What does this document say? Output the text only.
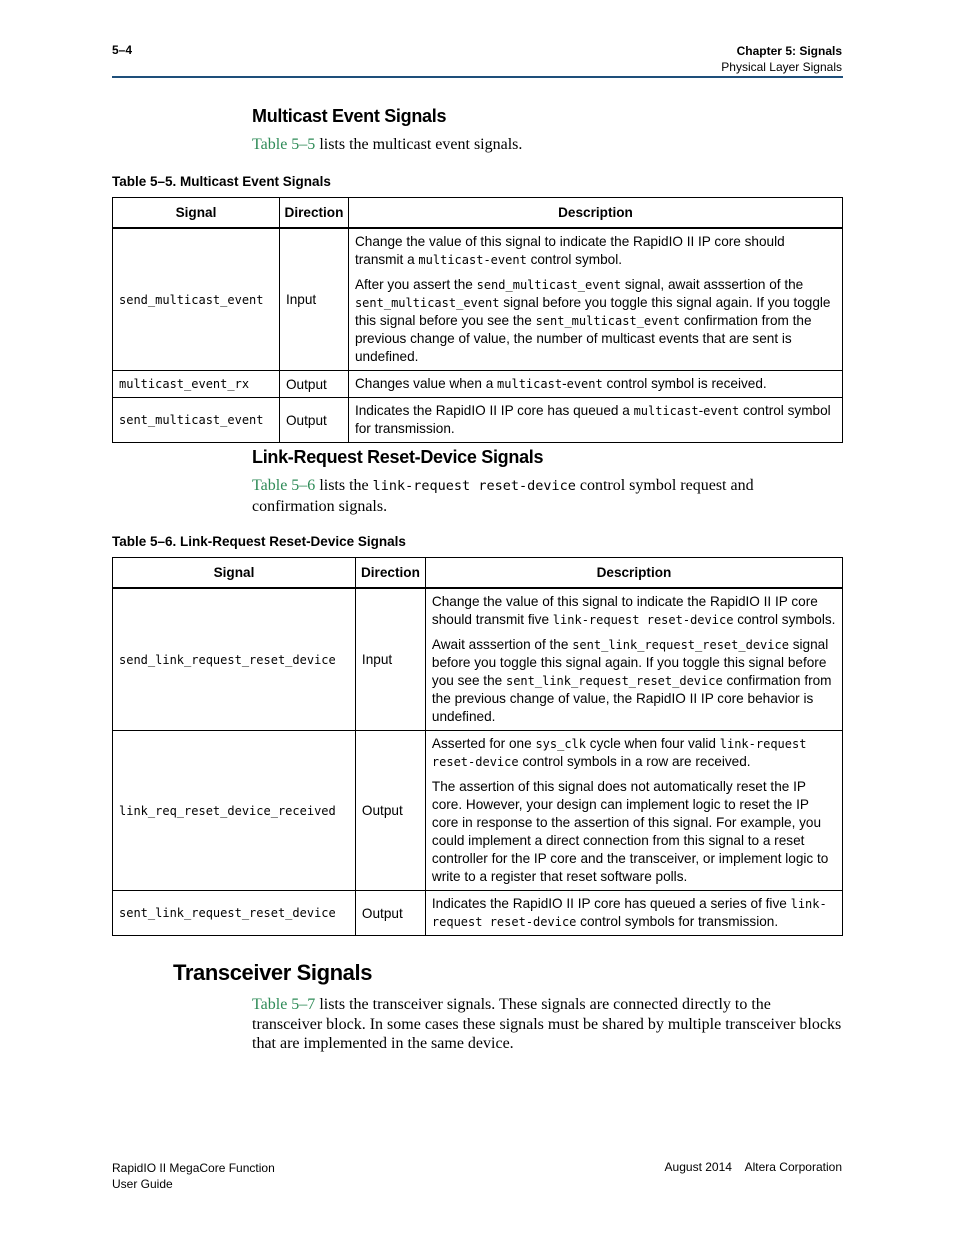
5–4	Chapter 5: Signals
Physical Layer Signals
Multicast Event Signals
Table 5–5 lists the multicast event signals.
Table 5–5. Multicast Event Signals
Signal	Direction	Description
send_multicast_event	Input	Change the value of this signal to indicate the RapidIO II IP core should transmit a multicast-event control symbol.

After you assert the send_multicast_event signal, await asssertion of the sent_multicast_event signal before you toggle this signal again. If you toggle this signal before you see the sent_multicast_event confirmation from the previous change of value, the number of multicast events that are sent is undefined.

multicast_event_rx	Output	Changes value when a multicast-event control symbol is received.
sent_multicast_event	Output	Indicates the RapidIO II IP core has queued a multicast-event control symbol for transmission.
Link-Request Reset-Device Signals
Table 5–6 lists the link-request reset-device control symbol request and confirmation signals.
Table 5–6. Link-Request Reset-Device Signals
Signal	Direction	Description
send_link_request_reset_device	Input	Change the value of this signal to indicate the RapidIO II IP core should transmit five link-request reset-device control symbols.

Await asssertion of the sent_link_request_reset_device signal before you toggle this signal again. If you toggle this signal before you see the sent_link_request_reset_device confirmation from the previous change of value, the RapidIO II IP core behavior is undefined.

link_req_reset_device_received	Output	Asserted for one sys_clk cycle when four valid link-request reset-device control symbols in a row are received.

The assertion of this signal does not automatically reset the IP core. However, your design can implement logic to reset the IP core in response to the assertion of this signal. For example, you could implement a direct connection from this signal to a reset controller for the IP core and the transceiver, or implement logic to write to a register that reset software polls.

sent_link_request_reset_device	Output	Indicates the RapidIO II IP core has queued a series of five link-request reset-device control symbols for transmission.
Transceiver Signals
Table 5–7 lists the transceiver signals. These signals are connected directly to the transceiver block. In some cases these signals must be shared by multiple transceiver blocks that are implemented in the same device.
RapidIO II MegaCore Function
User Guide
August 2014    Altera Corporation
